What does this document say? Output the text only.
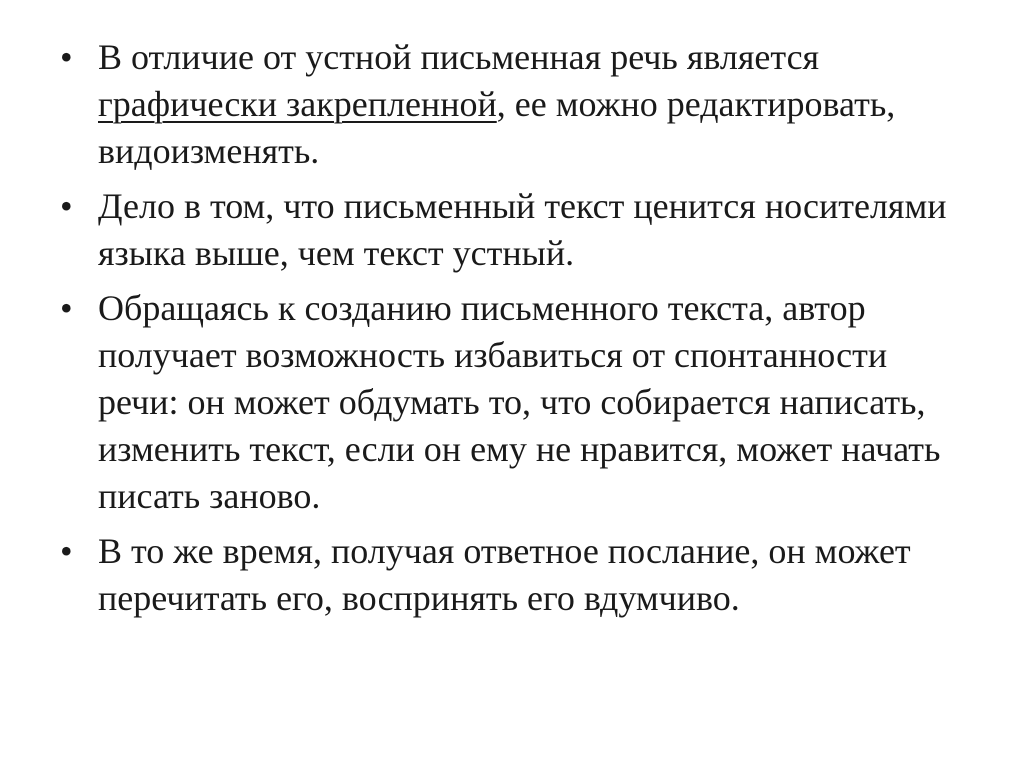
• В отличие от устной письменная речь является графически закрепленной, ее можно редактировать, видоизменять.
• Дело в том, что письменный текст ценится носителями языка выше, чем текст устный.
• Обращаясь к созданию письменного текста, автор получает возможность избавиться от спонтанности речи: он может обдумать то, что собирается написать, изменить текст, если он ему не нравится, может начать писать заново.
• В то же время, получая ответное послание, он может перечитать его, воспринять его вдумчиво.
